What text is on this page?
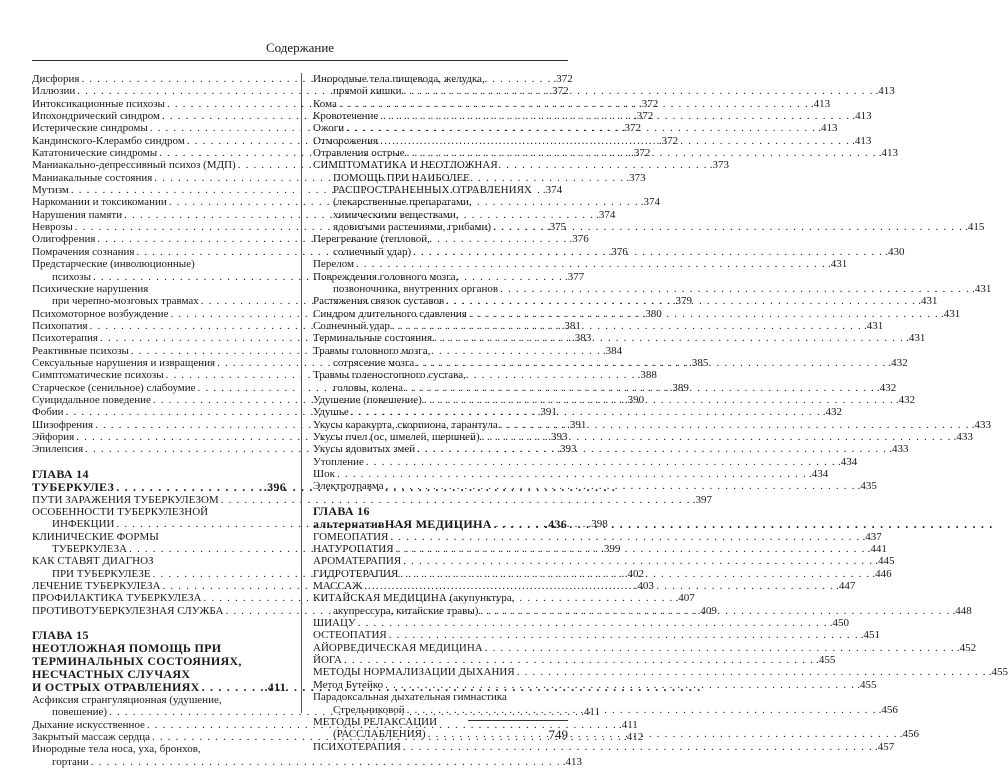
Содержание
Дисфория . . .	.372
Иллюзии . . .	.372
Интоксикационные психозы . . .	.372
Ипохондрический синдром . . .	.372
Истерические синдромы . . .	.372
Кандинского-Клерамбо синдром . . .	.372
Кататонические синдромы . . .	.372
Маниакально-депрессивный психоз (МДП) . . .	.373
Маниакальные состояния . . .	.373
Мутизм . . .	.374
Наркомании и токсикомании . . .	.374
Нарушения памяти . . .	.374
Неврозы . . .	.375
Олигофрения . . .	.376
Помрачения сознания . . .	.376
Предстарческие (инволюционные)
психозы . . .	.377
Психические нарушения
при черепно-мозговых травмах . . .	.379
Психомоторное возбуждение . . .	.380
Психопатия . . .	.381
Психотерапия . . .	.383
Реактивные психозы . . .	.384
Сексуальные нарушения и извращения . . .	.385
Симптоматические психозы . . .	.388
Старческое (сенильное) слабоумие . . .	.389
Суицидальное поведение . . .	.390
Фобии . . .	.391
Шизофрения . . .	.391
Эйфория . . .	.393
Эпилепсия . . .	.393
ГЛАВА 14
ТУБЕРКУЛЕЗ . . .	.396
ПУТИ ЗАРАЖЕНИЯ ТУБЕРКУЛЕЗОМ . . .	.397
ОСОБЕННОСТИ ТУБЕРКУЛЕЗНОЙ
ИНФЕКЦИИ . . .	.398
КЛИНИЧЕСКИЕ ФОРМЫ
ТУБЕРКУЛЕЗА . . .	.399
КАК СТАВЯТ ДИАГНОЗ
ПРИ ТУБЕРКУЛЕЗЕ . . .	.402
ЛЕЧЕНИЕ ТУБЕРКУЛЕЗА . . .	.403
ПРОФИЛАКТИКА ТУБЕРКУЛЕЗА . . .	.407
ПРОТИВОТУБЕРКУЛЕЗНАЯ СЛУЖБА . . .	.409
ГЛАВА 15
НЕОТЛОЖНАЯ ПОМОЩЬ ПРИ ТЕРМИНАЛЬНЫХ СОСТОЯНИЯХ, НЕСЧАСТНЫХ СЛУЧАЯХ
И ОСТРЫХ ОТРАВЛЕНИЯХ . . .	.411
Асфиксия странгуляционная (удушение,
повешение) . . .	.411
Дыхание искусственное . . .	.411
Закрытый массаж сердца . . .	.412
Инородные тела носа, уха, бронхов,
гортани . . .	.413
Инородные тела пищевода, желудка,
прямой кишки . . .	.413
Кома . . .	.413
Кровотечение . . .	.413
Ожоги . . .	.413
Отморожения . . .	.413
Отравления острые . . .	.413
СИМПТОМАТИКА И НЕОТЛОЖНАЯ
ПОМОЩЬ ПРИ НАИБОЛЕЕ
РАСПРОСТРАНЕННЫХ ОТРАВЛЕНИЯХ
(лекарственные препаратами,
химическими веществами,
ядовитыми растениями, грибами) . . .	.415
Перегревание (тепловой,
солнечный удар) . . .	.430
Перелом . . .	.431
Повреждения головного мозга,
позвоночника, внутренних органов . . .	.431
Растяжения связок суставов . . .	.431
Синдром длительного сдавления . . .	.431
Солнечный удар . . .	.431
Терминальные состояния . . .	.431
Травмы головного мозга,
сотрясение мозга . . .	.432
Травмы голеностопного сустава,
головы, колена . . .	.432
Удушение (повешение) . . .	.432
Удушье . . .	.432
Укусы каракурта, скорпиона, тарантула . . .	.433
Укусы пчел (ос, шмелей, шершней) . . .	.433
Укусы ядовитых змей . . .	.433
Утопление . . .	.434
Шок . . .	.434
Электротравма . . .	.435
ГЛАВА 16
альтернативНАЯ МЕДИЦИНА . . .	.436
ГОМЕОПАТИЯ . . .	.437
НАТУРОПАТИЯ . . .	.441
АРОМАТЕРАПИЯ . . .	.445
ГИДРОТЕРАПИЯ . . .	.446
МАССАЖ . . .	.447
КИТАЙСКАЯ МЕДИЦИНА (акупунктура,
акупрессура, китайские травы) . . .	.448
ШИАЦУ . . .	.450
ОСТЕОПАТИЯ . . .	.451
АЙОРВЕДИЧЕСКАЯ МЕДИЦИНА . . .	.452
ЙОГА . . .	.455
МЕТОДЫ НОРМАЛИЗАЦИИ ДЫХАНИЯ . . .	.455
Метод Бутейко . . .	.455
Парадоксальная дыхательная гимнастика
Стрельниковой . . .	.456
МЕТОДЫ РЕЛАКСАЦИИ
(РАССЛАБЛЕНИЯ) . . .	.456
ПСИХОТЕРАПИЯ . . .	.457
749
